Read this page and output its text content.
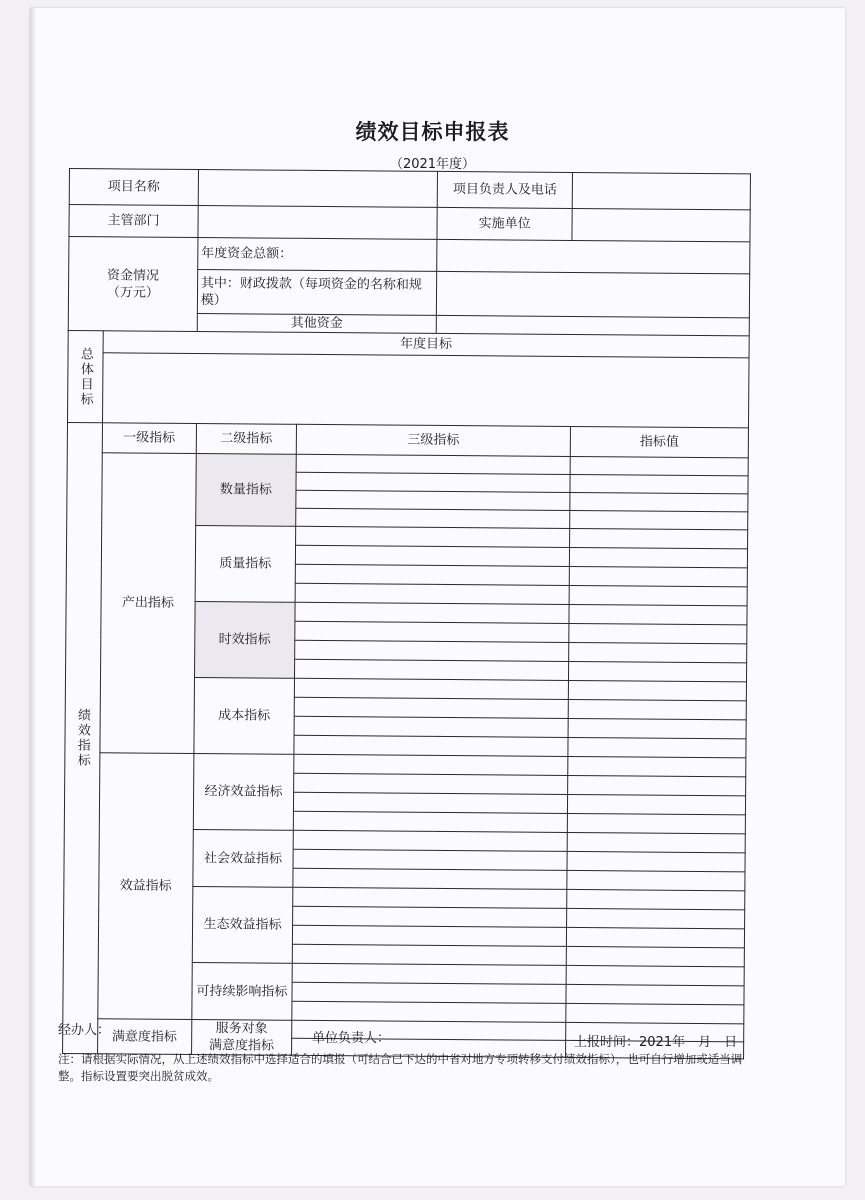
绩效目标申报表
（2021年度）
项目名称				项目负责人及电话	
主管部门				实施单位	

资金情况
（万元）		年度资金总额：			
		其中：财政拨款（每项资金的名称和规模）			
		其他资金			
总体目标	年度目标				

绩效指标	一级指标	二级指标	三级指标		指标值
	产出指标	数量指标			

		质量指标			

		时效指标			

		成本指标			

	效益指标	经济效益指标			

		社会效益指标			

		生态效益指标			

		可持续影响指标			

	满意度指标	服务对象
满意度指标			

经办人：
单位负责人：	上报时间：2021年　月　日
注：请根据实际情况，从上述绩效指标中选择适合的填报（可结合已下达的中省对地方专项转移支付绩效指标），也可自行增加或适当调整。指标设置要突出脱贫成效。
